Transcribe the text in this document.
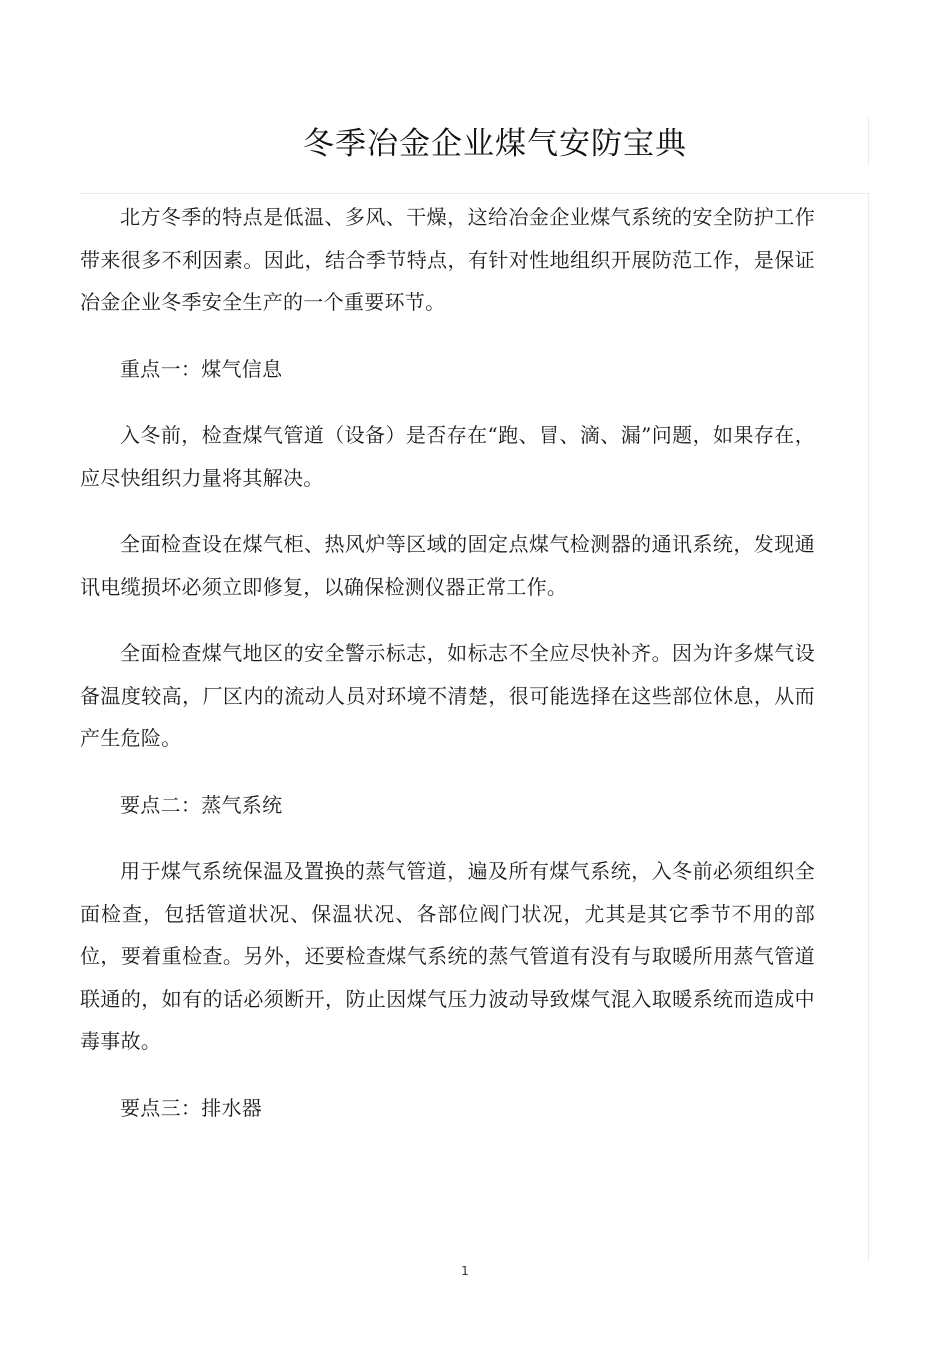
冬季冶金企业煤气安防宝典

北方冬季的特点是低温、多风、干燥，这给冶金企业煤气系统的安全防护工作带来很多不利因素。因此，结合季节特点，有针对性地组织开展防范工作，是保证冶金企业冬季安全生产的一个重要环节。

重点一：煤气信息

入冬前，检查煤气管道（设备）是否存在“跑、冒、滴、漏”问题，如果存在，应尽快组织力量将其解决。

全面检查设在煤气柜、热风炉等区域的固定点煤气检测器的通讯系统，发现通讯电缆损坏必须立即修复，以确保检测仪器正常工作。

全面检查煤气地区的安全警示标志，如标志不全应尽快补齐。因为许多煤气设备温度较高，厂区内的流动人员对环境不清楚，很可能选择在这些部位休息，从而产生危险。

要点二：蒸气系统

用于煤气系统保温及置换的蒸气管道，遍及所有煤气系统，入冬前必须组织全面检查，包括管道状况、保温状况、各部位阀门状况，尤其是其它季节不用的部位，要着重检查。另外，还要检查煤气系统的蒸气管道有没有与取暖所用蒸气管道联通的，如有的话必须断开，防止因煤气压力波动导致煤气混入取暖系统而造成中毒事故。

要点三：排水器

1
